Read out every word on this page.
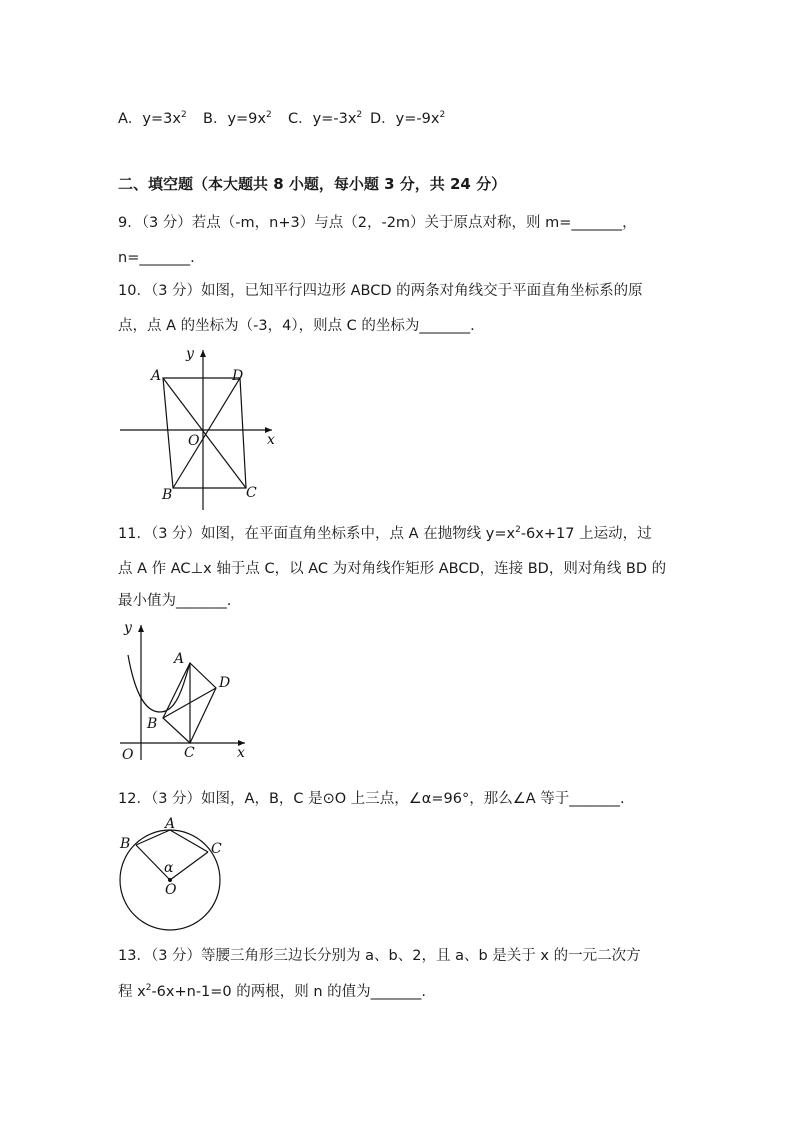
A．$y=3x^2$ B．$y=9x^2$ C．$y=-3x^2$ D．$y=-9x^2$
二、填空题（本大题共 8 小题，每小题 3 分，共 24 分）
9．（3 分）若点（-m，n+3）与点（2，-2m）关于原点对称，则 m=_______，
n=_______.
10．（3 分）如图，已知平行四边形 ABCD 的两条对角线交于平面直角坐标系的原
点，点 A 的坐标为（-3，4），则点 C 的坐标为_______.
A	D
O	x
y
B	C
11．（3 分）如图，在平面直角坐标系中，点 A 在抛物线 $y=x^2-6x+17$ 上运动，过
点 A 作 AC⊥x 轴于点 C，以 AC 为对角线作矩形 ABCD，连接 BD，则对角线 BD 的
最小值为_______.
y
A
D
B
C
O	x
12．（3 分）如图，A，B，C 是⊙O 上三点，∠α=96°，那么∠A 等于_______.
A
B	C
O
α
13．（3 分）等腰三角形三边长分别为 a、b、2，且 a、b 是关于 x 的一元二次方
程 $x^2-6x+n-1=0$ 的两根，则 n 的值为_______.
